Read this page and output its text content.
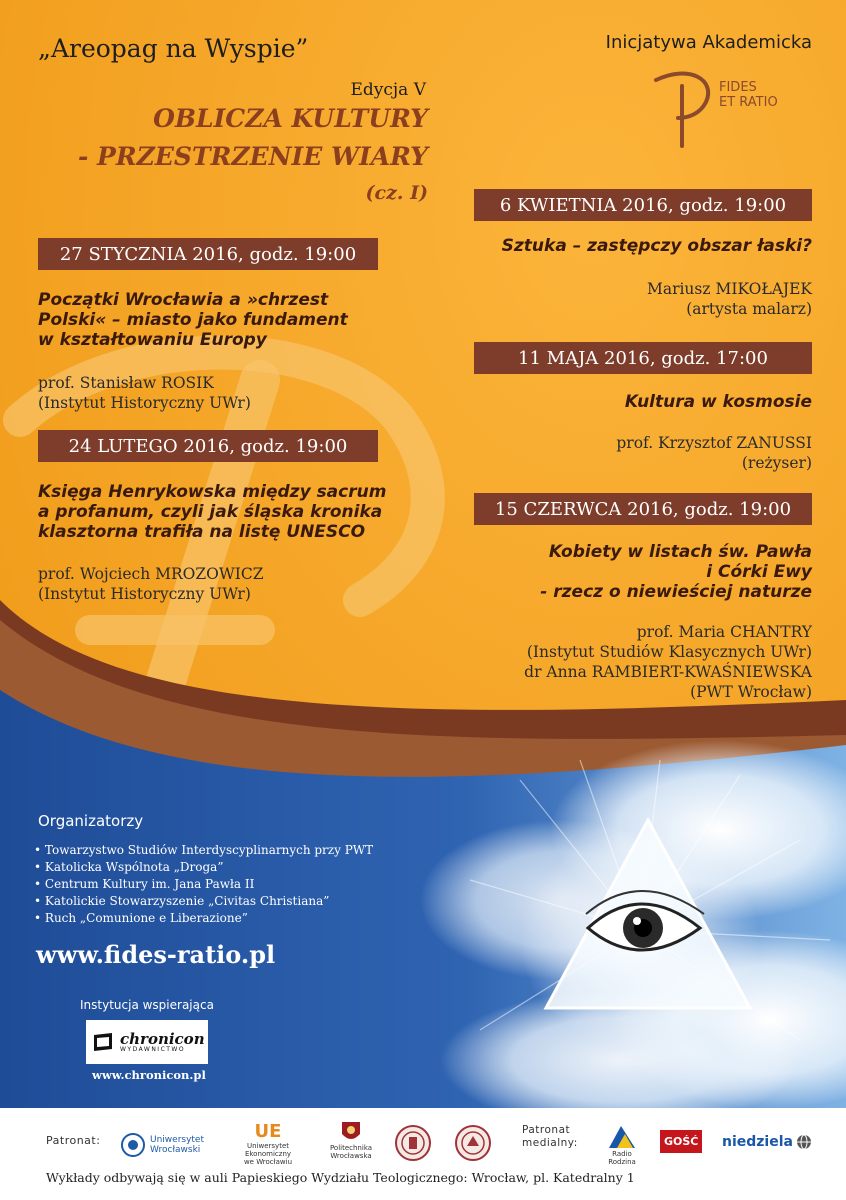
„Areopag na Wyspie”	Inicjatywa Akademicka
FIDES
ET RATIO
Edycja V
OBLICZA KULTURY
- PRZESTRZENIE WIARY
(cz. I)
27 STYCZNIA 2016, godz. 19:00
Początki Wrocławia a »chrzest
Polski« – miasto jako fundament
w kształtowaniu Europy
prof. Stanisław ROSIK
(Instytut Historyczny UWr)
24 LUTEGO 2016, godz. 19:00
Księga Henrykowska między sacrum
a profanum, czyli jak śląska kronika
klasztorna trafiła na listę UNESCO
prof. Wojciech MROZOWICZ
(Instytut Historyczny UWr)
6 KWIETNIA 2016, godz. 19:00
Sztuka – zastępczy obszar łaski?
Mariusz MIKOŁAJEK
(artysta malarz)
11 MAJA 2016, godz. 17:00
Kultura w kosmosie
prof. Krzysztof ZANUSSI
(reżyser)
15 CZERWCA 2016, godz. 19:00
Kobiety w listach św. Pawła
i Córki Ewy
- rzecz o niewieściej naturze
prof. Maria CHANTRY
(Instytut Studiów Klasycznych UWr)
dr Anna RAMBIERT-KWAŚNIEWSKA
(PWT Wrocław)
Organizatorzy
• Towarzystwo Studiów Interdyscyplinarnych przy PWT
• Katolicka Wspólnota „Droga”
• Centrum Kultury im. Jana Pawła II
• Katolickie Stowarzyszenie „Civitas Christiana”
• Ruch „Comunione e Liberazione”
www.fides-ratio.pl
Instytucja wspierająca
chronicon
WYDAWNICTWO
www.chronicon.pl
Patronat:	Uniwersytet
Wrocławski
UE
Uniwersytet Ekonomiczny
we Wrocławiu
Politechnika
Wrocławska
Patronat
medialny:
Radio Rodzina
GOŚĆ niedziela
Wykłady odbywają się w auli Papieskiego Wydziału Teologicznego: Wrocław, pl. Katedralny 1
